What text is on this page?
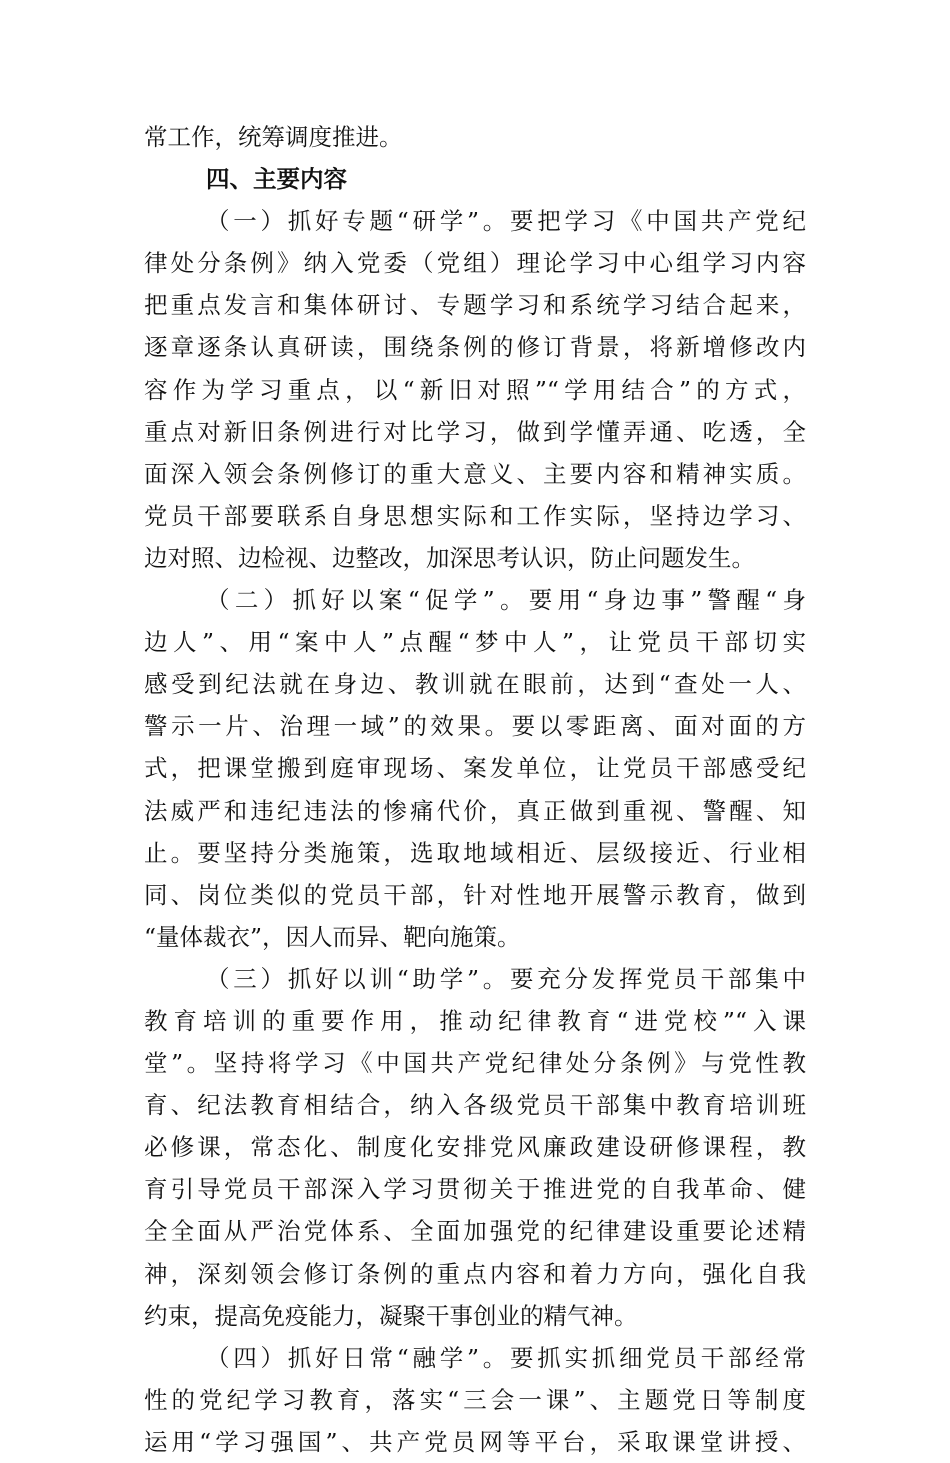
常工作，统筹调度推进。
四、主要内容
（一）抓好专题“研学”。要把学习《中国共产党纪
律处分条例》纳入党委（党组）理论学习中心组学习内容
把重点发言和集体研讨、专题学习和系统学习结合起来，
逐章逐条认真研读，围绕条例的修订背景，将新增修改内
容作为学习重点，以“新旧对照”“学用结合”的方式，
重点对新旧条例进行对比学习，做到学懂弄通、吃透，全
面深入领会条例修订的重大意义、主要内容和精神实质。
党员干部要联系自身思想实际和工作实际，坚持边学习、
边对照、边检视、边整改，加深思考认识，防止问题发生。
（二）抓好以案“促学”。要用“身边事”警醒“身
边人”、用“案中人”点醒“梦中人”，让党员干部切实
感受到纪法就在身边、教训就在眼前，达到“查处一人、
警示一片、治理一域”的效果。要以零距离、面对面的方
式，把课堂搬到庭审现场、案发单位，让党员干部感受纪
法威严和违纪违法的惨痛代价，真正做到重视、警醒、知
止。要坚持分类施策，选取地域相近、层级接近、行业相
同、岗位类似的党员干部，针对性地开展警示教育，做到
“量体裁衣”，因人而异、靶向施策。
（三）抓好以训“助学”。要充分发挥党员干部集中
教育培训的重要作用，推动纪律教育“进党校”“入课
堂”。坚持将学习《中国共产党纪律处分条例》与党性教
育、纪法教育相结合，纳入各级党员干部集中教育培训班
必修课，常态化、制度化安排党风廉政建设研修课程，教
育引导党员干部深入学习贯彻关于推进党的自我革命、健
全全面从严治党体系、全面加强党的纪律建设重要论述精
神，深刻领会修订条例的重点内容和着力方向，强化自我
约束，提高免疫能力，凝聚干事创业的精气神。
（四）抓好日常“融学”。要抓实抓细党员干部经常
性的党纪学习教育，落实“三会一课”、主题党日等制度
运用“学习强国”、共产党员网等平台，采取课堂讲授、
